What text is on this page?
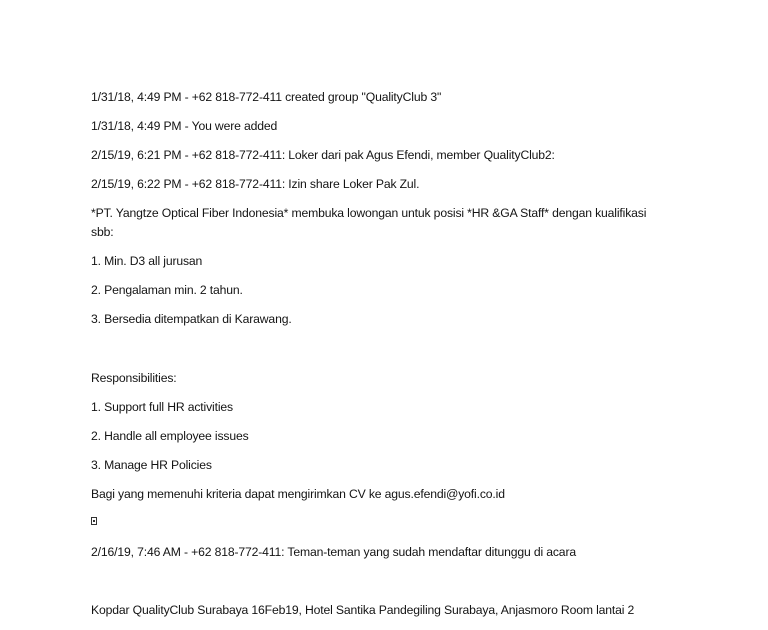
1/31/18, 4:49 PM - +62 818-772-411 created group "QualityClub 3"
1/31/18, 4:49 PM - You were added
2/15/19, 6:21 PM - +62 818-772-411: Loker dari pak Agus Efendi, member QualityClub2:
2/15/19, 6:22 PM - +62 818-772-411: Izin share Loker Pak Zul.
*PT. Yangtze Optical Fiber Indonesia* membuka lowongan untuk posisi *HR &GA Staff* dengan kualifikasi sbb:
1. Min. D3 all jurusan
2. Pengalaman min. 2 tahun.
3. Bersedia ditempatkan di Karawang.
Responsibilities:
1. Support full HR activities
2. Handle all employee issues
3. Manage HR Policies
Bagi yang memenuhi kriteria dapat mengirimkan CV ke agus.efendi@yofi.co.id
2/16/19, 7:46 AM - +62 818-772-411: Teman-teman yang sudah mendaftar ditunggu di acara
Kopdar QualityClub Surabaya 16Feb19, Hotel Santika Pandegiling Surabaya, Anjasmoro Room lantai 2
